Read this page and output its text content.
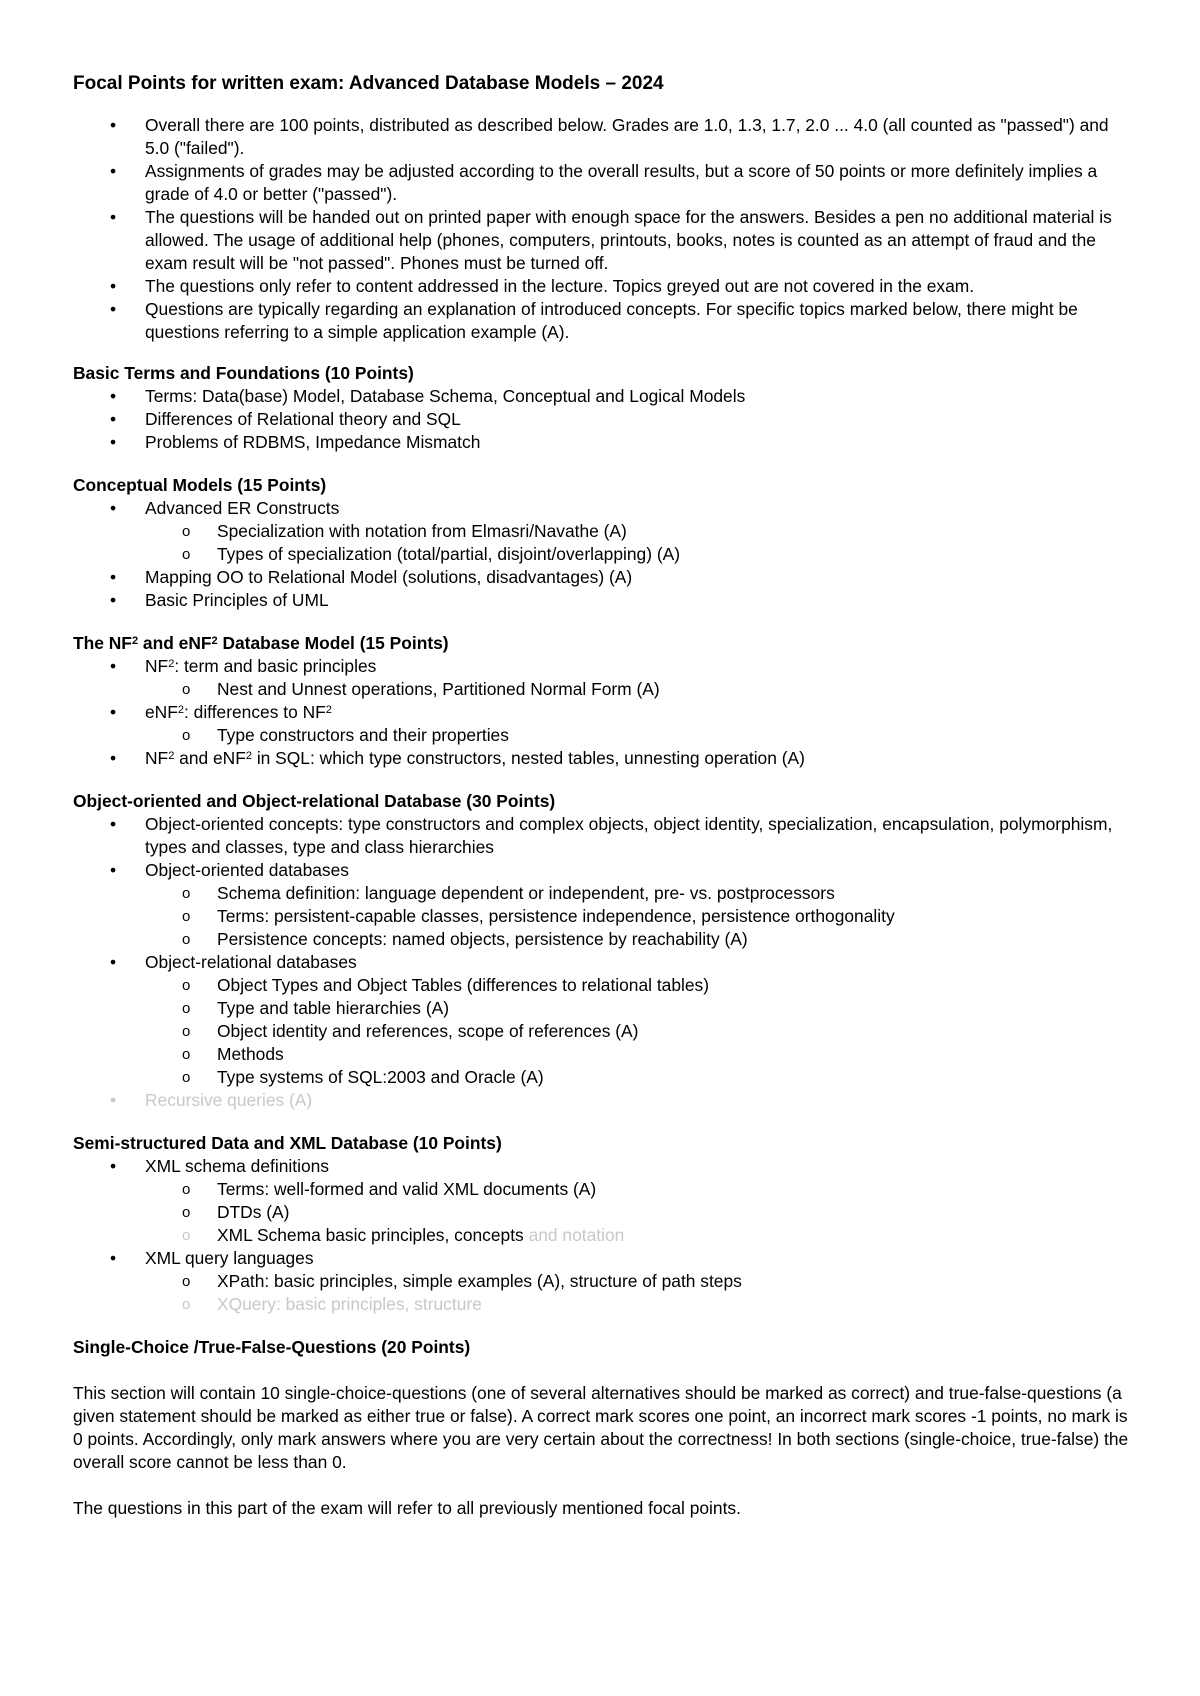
Focal Points for written exam: Advanced Database Models – 2024
• Overall there are 100 points, distributed as described below. Grades are 1.0, 1.3, 1.7, 2.0 ... 4.0 (all counted as "passed") and 5.0 ("failed").
• Assignments of grades may be adjusted according to the overall results, but a score of 50 points or more definitely implies a grade of 4.0 or better ("passed").
• The questions will be handed out on printed paper with enough space for the answers. Besides a pen no additional material is allowed. The usage of additional help (phones, computers, printouts, books, notes is counted as an attempt of fraud and the exam result will be "not passed". Phones must be turned off.
• The questions only refer to content addressed in the lecture. Topics greyed out are not covered in the exam.
• Questions are typically regarding an explanation of introduced concepts. For specific topics marked below, there might be questions referring to a simple application example (A).
Basic Terms and Foundations (10 Points)
• Terms: Data(base) Model, Database Schema, Conceptual and Logical Models
• Differences of Relational theory and SQL
• Problems of RDBMS, Impedance Mismatch
Conceptual Models (15 Points)
• Advanced ER Constructs
o Specialization with notation from Elmasri/Navathe (A)
o Types of specialization (total/partial, disjoint/overlapping) (A)
• Mapping OO to Relational Model (solutions, disadvantages) (A)
• Basic Principles of UML
The $NF^2$ and eNF$^2$ Database Model (15 Points)
• $NF^2$: term and basic principles
o Nest and Unnest operations, Partitioned Normal Form (A)
• eNF$^2$: differences to $NF^2$
o Type constructors and their properties
• $NF^2$ and eNF$^2$ in SQL: which type constructors, nested tables, unnesting operation (A)
Object-oriented and Object-relational Database (30 Points)
• Object-oriented concepts: type constructors and complex objects, object identity, specialization, encapsulation, polymorphism, types and classes, type and class hierarchies
• Object-oriented databases
o Schema definition: language dependent or independent, pre- vs. postprocessors
o Terms: persistent-capable classes, persistence independence, persistence orthogonality
o Persistence concepts: named objects, persistence by reachability (A)
• Object-relational databases
o Object Types and Object Tables (differences to relational tables)
o Type and table hierarchies (A)
o Object identity and references, scope of references (A)
o Methods
o Type systems of SQL:2003 and Oracle (A)
• Recursive queries (A)
Semi-structured Data and XML Database (10 Points)
• XML schema definitions
o Terms: well-formed and valid XML documents (A)
o DTDs (A)
o XML Schema basic principles, concepts and notation
• XML query languages
o XPath: basic principles, simple examples (A), structure of path steps
o XQuery: basic principles, structure
Single-Choice /True-False-Questions (20 Points)

This section will contain 10 single-choice-questions (one of several alternatives should be marked as correct) and true-false-questions (a given statement should be marked as either true or false). A correct mark scores one point, an incorrect mark scores -1 points, no mark is 0 points. Accordingly, only mark answers where you are very certain about the correctness! In both sections (single-choice, true-false) the overall score cannot be less than 0.

The questions in this part of the exam will refer to all previously mentioned focal points.
